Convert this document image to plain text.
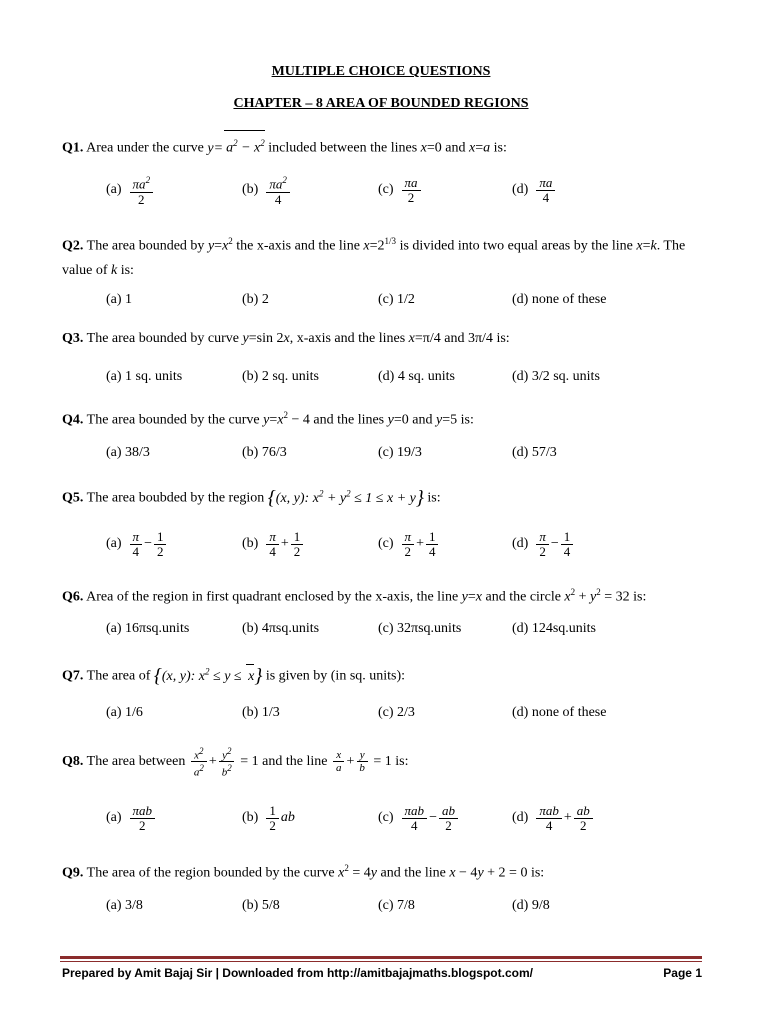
MULTIPLE CHOICE QUESTIONS
CHAPTER – 8 AREA OF BOUNDED REGIONS
Q1. Area under the curve $y= a^2 - x^2$ included between the lines x=0 and x=a is:
$(a) \frac{\pi a^2}{2}$	$(b) \frac{\pi a^2}{4}$	$(c) \frac{\pi a}{2}$	$(d) \frac{\pi a}{4}$
Q2. The area bounded by $y=x^2$ the x-axis and the line $x=2^{1/3}$ is divided into two equal areas by the line x=k. The value of k is:
(a) 1	(b) 2	(c) 1/2	(d) none of these
Q3. The area bounded by curve y=sin 2x, x-axis and the lines x=π/4 and 3π/4 is:
(a) 1 sq. units	(b) 2 sq. units	(d) 4 sq. units	(d) 3/2 sq. units
Q4. The area bounded by the curve $y=x^2 - 4$ and the lines y=0 and y=5 is:
(a) 38/3	(b) 76/3	(c) 19/3	(d) 57/3
Q5. The area boubded by the region {(x, y): $x^2 + y^2 \le 1 \le x + y$} is:
$(a) \frac{\pi}{4} - \frac{1}{2}$	$(b) \frac{\pi}{4} + \frac{1}{2}$	$(c) \frac{\pi}{2} + \frac{1}{4}$	$(d) \frac{\pi}{2} - \frac{1}{4}$
Q6. Area of the region in first quadrant enclosed by the x-axis, the line y=x and the circle $x^2 + y^2 = 32$ is:
(a) 16πsq.units	(b) 4πsq.units	(c) 32πsq.units	(d) 124sq.units
Q7. The area of {(x, y): $x^2 \le y \le x$} is given by (in sq. units):
(a) 1/6	(b) 1/3	(c) 2/3	(d) none of these
Q8. The area between $\frac{x^2}{a^2} + \frac{y^2}{b^2} = 1$ and the line $\frac{x}{a} + \frac{y}{b} = 1$ is:
$(a) \frac{\text{πab}}{2}$	$(b) \frac{1}{2}$ ab	$(c) \frac{\text{πab}}{4} - \frac{ab}{2}$	$(d) \frac{\text{πab}}{4} + \frac{ab}{2}$
Q9. The area of the region bounded by the curve $x^2 = 4y$ and the line x − 4y + 2 = 0 is:
(a) 3/8	(b) 5/8	(c) 7/8	(d) 9/8
Prepared by Amit Bajaj Sir | Downloaded from http://amitbajajmaths.blogspot.com/	Page 1
